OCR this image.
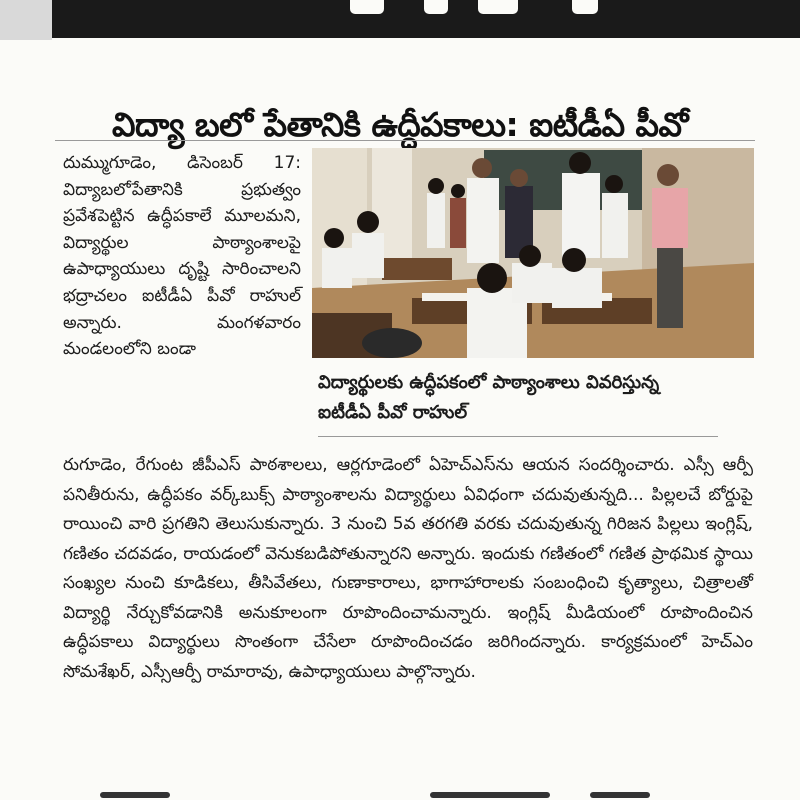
విద్యా బలో పేతానికి ఉద్ధీపకాలు: ఐటీడీఏ పీవో

దుమ్ముగూడెం, డిసెంబర్ 17: విద్యాబలోపేతానికి ప్రభుత్వం ప్రవేశపెట్టిన ఉద్ధీపకాలే మూలమని, విద్యార్థుల పాఠ్యాంశాలపై ఉపాధ్యాయులు దృష్టి సారించాలని భద్రాచలం ఐటీడీఏ పీవో రాహుల్ అన్నారు. మంగళవారం మండలంలోని బండా

విద్యార్థులకు ఉద్ధీపకంలో పాఠ్యాంశాలు వివరిస్తున్న
ఐటీడీఏ పీవో రాహుల్

రుగూడెం, రేగుంట జీపీఎస్ పాఠశాలలు, ఆర్లగూడెంలో ఏహెచ్ఎస్‌ను ఆయన సందర్శించారు. ఎస్సీ ఆర్పీ పనితీరును, ఉద్ధీపకం వర్క్‌బుక్స్ పాఠ్యాంశాలను విద్యార్థులు ఏవిధంగా చదువుతున్నది... పిల్లలచే బోర్డుపై రాయించి వారి ప్రగతిని తెలుసుకున్నారు. 3 నుంచి 5వ తరగతి వరకు చదువుతున్న గిరిజన పిల్లలు ఇంగ్లిష్, గణితం చదవడం, రాయడంలో వెనుకబడిపోతున్నారని అన్నారు. ఇందుకు గణితంలో గణిత ప్రాథమిక స్థాయి సంఖ్యల నుంచి కూడికలు, తీసివేతలు, గుణాకారాలు, భాగాహారాలకు సంబంధించి కృత్యాలు, చిత్రాలతో విద్యార్థి నేర్చుకోవడానికి అనుకూలంగా రూపొందించామన్నారు. ఇంగ్లిష్ మీడియంలో రూపొందించిన ఉద్ధీపకాలు విద్యార్థులు సొంతంగా చేసేలా రూపొందించడం జరిగిందన్నారు. కార్యక్రమంలో హెచ్ఎం సోమశేఖర్, ఎస్సీఆర్పీ రామారావు, ఉపాధ్యాయులు పాల్గొన్నారు.
